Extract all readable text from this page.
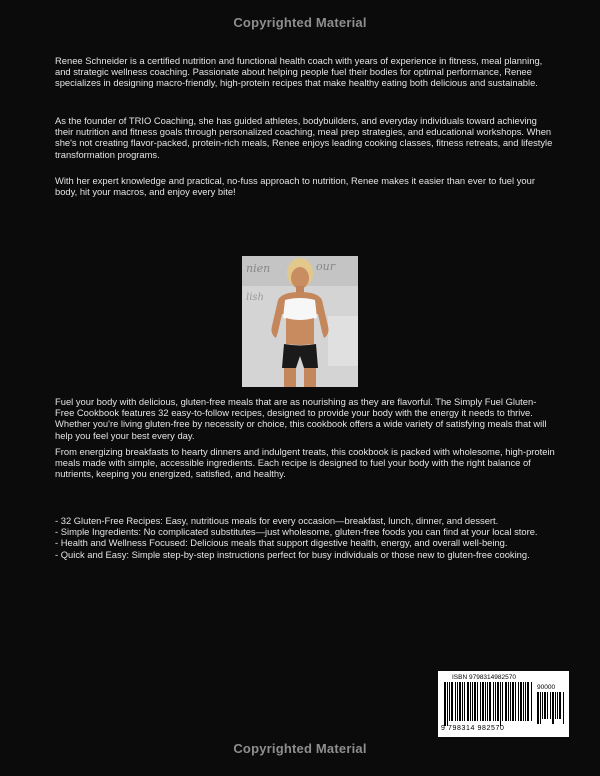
Copyrighted Material

Renee Schneider is a certified nutrition and functional health coach with years of experience in fitness, meal planning, and strategic wellness coaching. Passionate about helping people fuel their bodies for optimal performance, Renee specializes in designing macro-friendly, high-protein recipes that make healthy eating both delicious and sustainable.

As the founder of TRIO Coaching, she has guided athletes, bodybuilders, and everyday individuals toward achieving their nutrition and fitness goals through personalized coaching, meal prep strategies, and educational workshops. When she's not creating flavor-packed, protein-rich meals, Renee enjoys leading cooking classes, fitness retreats, and lifestyle transformation programs.

With her expert knowledge and practical, no-fuss approach to nutrition, Renee makes it easier than ever to fuel your body, hit your macros, and enjoy every bite!

nien	our
lish

Fuel your body with delicious, gluten-free meals that are as nourishing as they are flavorful. The Simply Fuel Gluten-Free Cookbook features 32 easy-to-follow recipes, designed to provide your body with the energy it needs to thrive. Whether you're living gluten-free by necessity or choice, this cookbook offers a wide variety of satisfying meals that will help you feel your best every day.

From energizing breakfasts to hearty dinners and indulgent treats, this cookbook is packed with wholesome, high-protein meals made with simple, accessible ingredients. Each recipe is designed to fuel your body with the right balance of nutrients, keeping you energized, satisfied, and healthy.

- 32 Gluten-Free Recipes: Easy, nutritious meals for every occasion—breakfast, lunch, dinner, and dessert.

- Simple Ingredients: No complicated substitutes—just wholesome, gluten-free foods you can find at your local store.

- Health and Wellness Focused: Delicious meals that support digestive health, energy, and overall well-being.

- Quick and Easy: Simple step-by-step instructions perfect for busy individuals or those new to gluten-free cooking.

ISBN 9798314982570
90000
9 798314 982570
Copyrighted Material
